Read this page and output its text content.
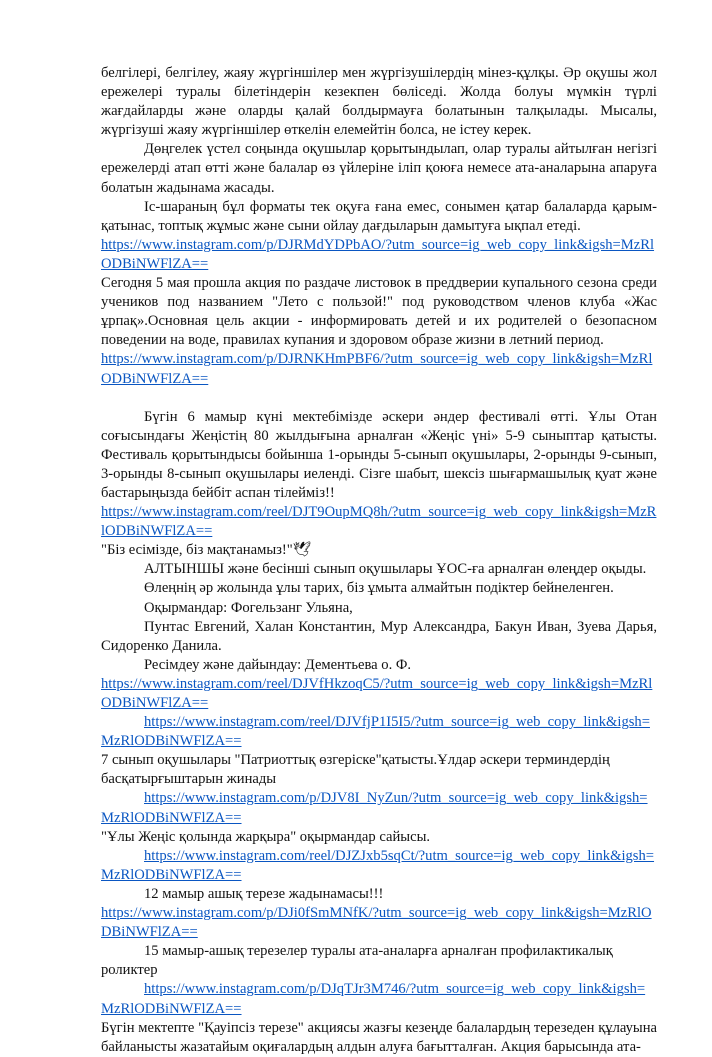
белгілері, белгілеу, жаяу жүргіншілер мен жүргізушілердің мінез-құлқы. Әр оқушы жол ережелері туралы білетіндерін кезекпен бөліседі. Жолда болуы мүмкін түрлі жағдайларды және оларды қалай болдырмауға болатынын талқылады. Мысалы, жүргізуші жаяу жүргіншілер өткелін елемейтін болса, не істеу керек.

Дөңгелек үстел соңында оқушылар қорытындылап, олар туралы айтылған негізгі ережелерді атап өтті және балалар өз үйлеріне іліп қоюға немесе ата-аналарына апаруға болатын жадынама жасады.

Іс-шараның бұл форматы тек оқуға ғана емес, сонымен қатар балаларда қарым-қатынас, топтық жұмыс және сыни ойлау дағдыларын дамытуға ықпал етеді.

https://www.instagram.com/p/DJRMdYDPbAO/?utm_source=ig_web_copy_link&igsh=MzRlODBiNWFlZA==

Сегодня 5 мая прошла акция по раздаче листовок в преддверии купального сезона среди учеников под названием "Лето с пользой!" под руководством членов клуба «Жас ұрпақ».Основная цель акции - информировать детей и их родителей о безопасном поведении на воде, правилах купания и здоровом образе жизни в летний период.

https://www.instagram.com/p/DJRNKHmPBF6/?utm_source=ig_web_copy_link&igsh=MzRlODBiNWFlZA==

Бүгін 6 мамыр күні мектебімізде әскери әндер фестивалі өтті. Ұлы Отан соғысындағы Жеңістің 80 жылдығына арналған «Жеңіс үні» 5-9 сыныптар қатысты. Фестиваль қорытындысы бойынша 1-орынды 5-сынып оқушылары, 2-орынды 9-сынып, 3-орынды 8-сынып оқушылары иеленді. Сізге шабыт, шексіз шығармашылық қуат және бастарыңызда бейбіт аспан тілейміз!!

https://www.instagram.com/reel/DJT9OupMQ8h/?utm_source=ig_web_copy_link&igsh=MzRlODBiNWFlZA==

"Біз есімізде, біз мақтанамыз!"🕊

АЛТЫНШЫ және бесінші сынып оқушылары ҰОС-ға арналған өлеңдер оқыды.

Өлеңнің әр жолында ұлы тарих, біз ұмыта алмайтын подіктер бейнеленген.

Оқырмандар: Фогельзанг Ульяна,

Пунтас Евгений, Халан Константин, Мур Александра, Бакун Иван, Зуева Дарья, Сидоренко Данила.

Ресімдеу және дайындау: Дементьева о. Ф.

https://www.instagram.com/reel/DJVfHkzoqC5/?utm_source=ig_web_copy_link&igsh=MzRlODBiNWFlZA==
https://www.instagram.com/reel/DJVfjP1I5I5/?utm_source=ig_web_copy_link&igsh=MzRlODBiNWFlZA==

7 сынып оқушылары "Патриоттық өзгеріске"қатысты.Ұлдар әскери терминдердің басқатырғыштарын жинады

https://www.instagram.com/p/DJV8I_NyZun/?utm_source=ig_web_copy_link&igsh=MzRlODBiNWFlZA==

"Ұлы Жеңіс қолында жарқыра" оқырмандар сайысы.

https://www.instagram.com/reel/DJZJxb5sqCt/?utm_source=ig_web_copy_link&igsh=MzRlODBiNWFlZA==

12 мамыр ашық терезе жадынамасы!!!

https://www.instagram.com/p/DJi0fSmMNfK/?utm_source=ig_web_copy_link&igsh=MzRlODBiNWFlZA==

15 мамыр-ашық терезелер туралы ата-аналарға арналған профилактикалық роликтер

https://www.instagram.com/p/DJqTJr3M746/?utm_source=ig_web_copy_link&igsh=MzRlODBiNWFlZA==

Бүгін мектепте "Қауіпсіз терезе" акциясы жазғы кезеңде балалардың терезеден құлауына байланысты жазатайым оқиғалардың алдын алуға бағытталған. Акция барысында ата-
